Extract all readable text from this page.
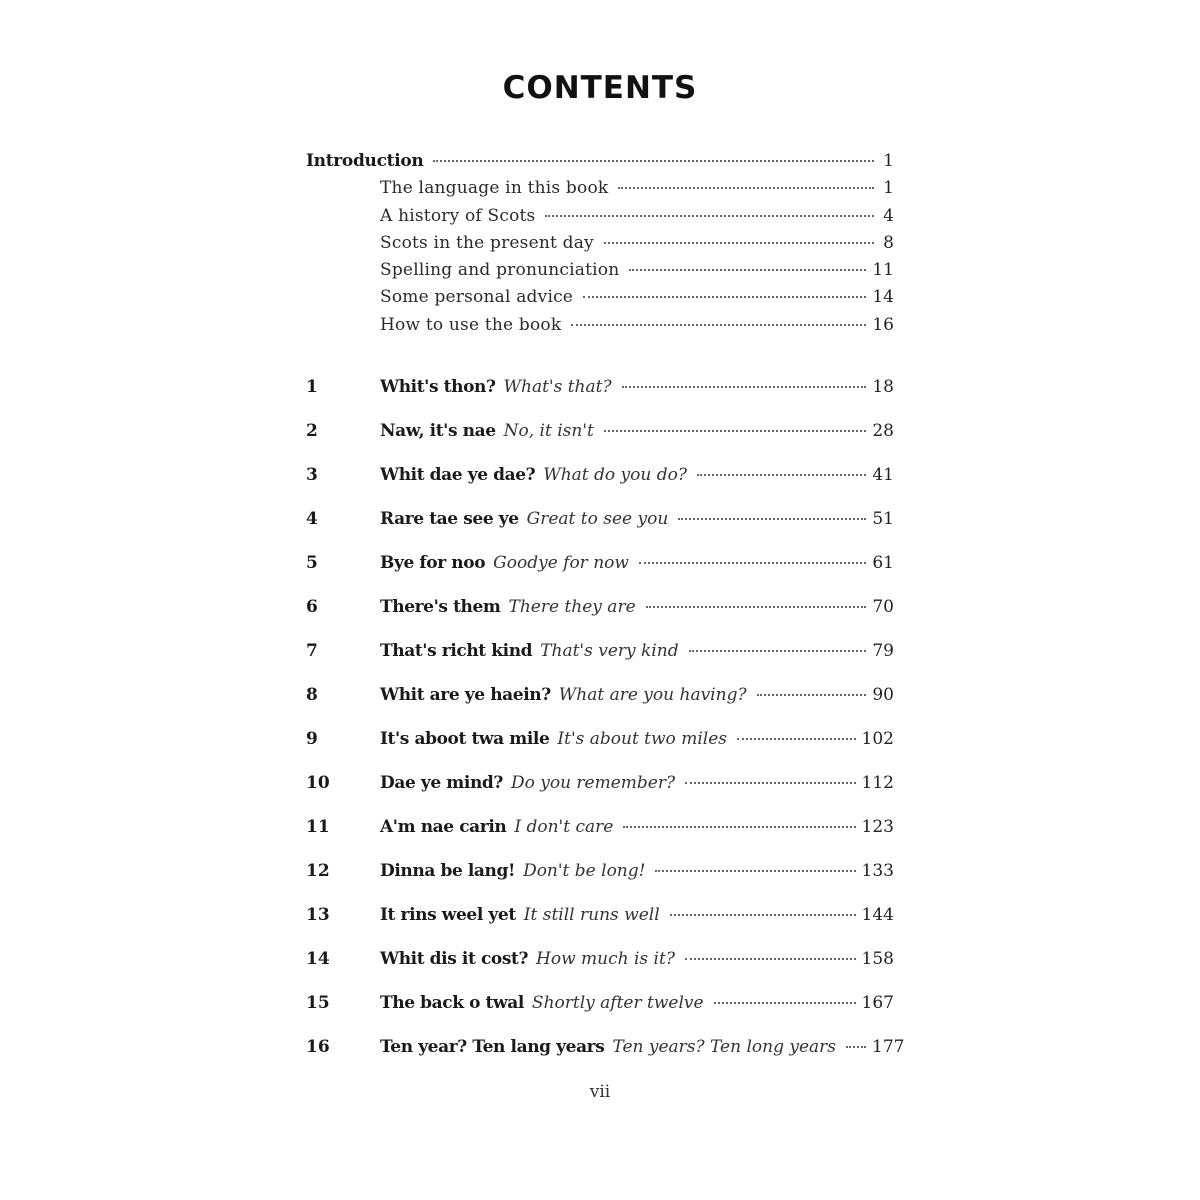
CONTENTS
Introduction	1
The language in this book	1
A history of Scots	4
Scots in the present day	8
Spelling and pronunciation	11
Some personal advice	14
How to use the book	16
1	Whit's thon? What's that?	18
2	Naw, it's nae No, it isn't	28
3	Whit dae ye dae? What do you do?	41
4	Rare tae see ye Great to see you	51
5	Bye for noo Goodye for now	61
6	There's them There they are	70
7	That's richt kind That's very kind	79
8	Whit are ye haein? What are you having?	90
9	It's aboot twa mile It's about two miles	102
10	Dae ye mind? Do you remember?	112
11	A'm nae carin I don't care	123
12	Dinna be lang! Don't be long!	133
13	It rins weel yet It still runs well	144
14	Whit dis it cost? How much is it?	158
15	The back o twal Shortly after twelve	167
16	Ten year? Ten lang years Ten years? Ten long years 177
vii
